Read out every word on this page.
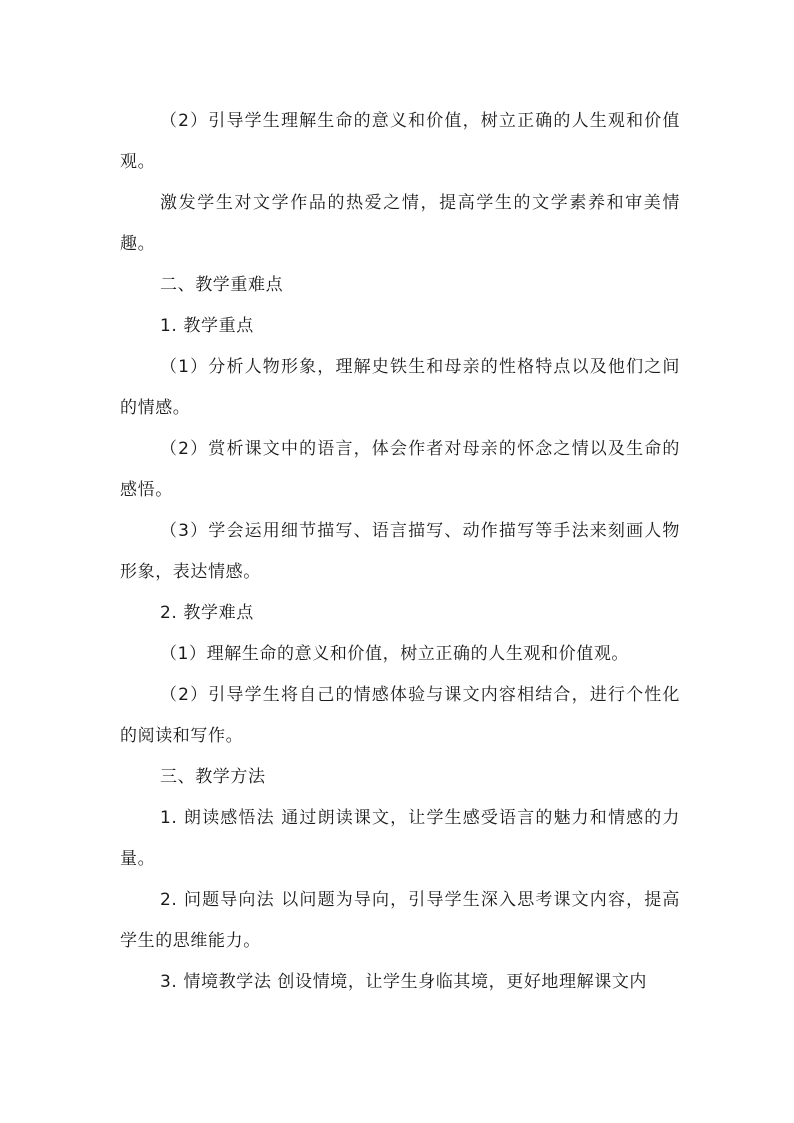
（2）引导学生理解生命的意义和价值，树立正确的人生观和价值观。

激发学生对文学作品的热爱之情，提高学生的文学素养和审美情趣。

二、教学重难点

1. 教学重点

（1）分析人物形象，理解史铁生和母亲的性格特点以及他们之间的情感。

（2）赏析课文中的语言，体会作者对母亲的怀念之情以及生命的感悟。

（3）学会运用细节描写、语言描写、动作描写等手法来刻画人物形象，表达情感。

2. 教学难点

（1）理解生命的意义和价值，树立正确的人生观和价值观。

（2）引导学生将自己的情感体验与课文内容相结合，进行个性化的阅读和写作。

三、教学方法

1. 朗读感悟法 通过朗读课文，让学生感受语言的魅力和情感的力量。

2. 问题导向法 以问题为导向，引导学生深入思考课文内容，提高学生的思维能力。

3. 情境教学法 创设情境，让学生身临其境，更好地理解课文内
